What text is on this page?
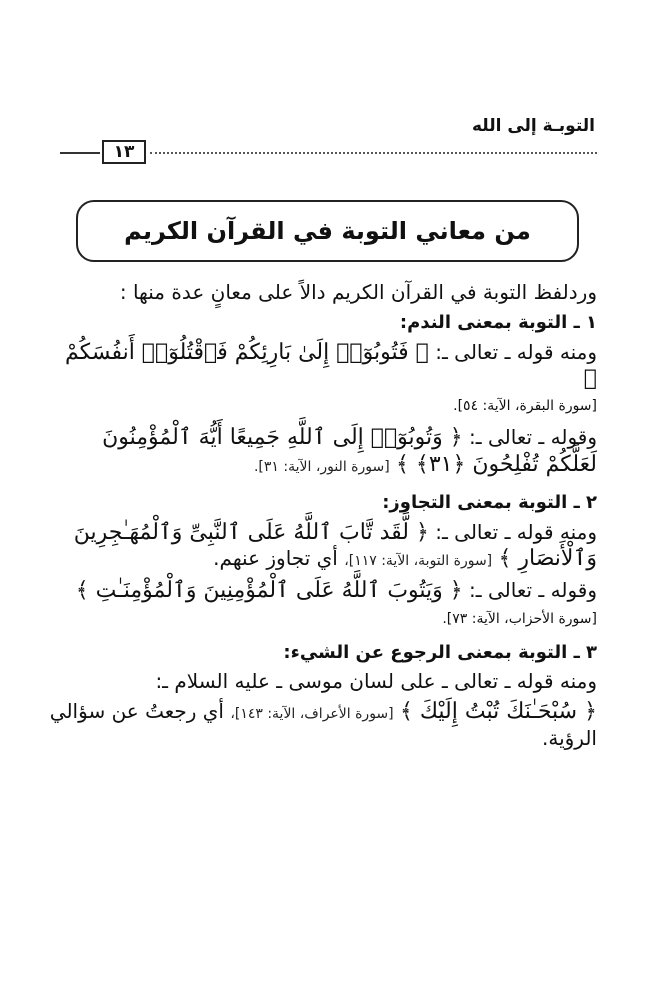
التوبـة إلى الله
١٣
من معاني التوبة في القرآن الكريم

وردلفظ التوبة في القرآن الكريم دالاً على معانٍ عدة منها :

١ ـ التوبة بمعنى الندم:

ومنه قوله ـ تعالى ـ: ﴿ فَتُوبُوٓا۟ إِلَىٰ بَارِئِكُمْ فَٱقْتُلُوٓا۟ أَنفُسَكُمْ ﴾

[سورة البقرة، الآية: ٥٤].

وقوله ـ تعالى ـ: ﴿ وَتُوبُوٓا۟ إِلَى ٱللَّهِ جَمِيعًا أَيُّهَ ٱلْمُؤْمِنُونَ لَعَلَّكُمْ تُفْلِحُونَ ﴿٣١﴾ ﴾ [سورة النور، الآية: ٣١].

٢ ـ التوبة بمعنى التجاوز:

ومنه قوله ـ تعالى ـ: ﴿ لَّقَد تَّابَ ٱللَّهُ عَلَى ٱلنَّبِىِّ وَٱلْمُهَـٰجِرِينَ وَٱلْأَنصَارِ ﴾ [سورة التوبة، الآية: ١١٧]، أي تجاوز عنهم.

وقوله ـ تعالى ـ: ﴿ وَيَتُوبَ ٱللَّهُ عَلَى ٱلْمُؤْمِنِينَ وَٱلْمُؤْمِنَـٰتِ ﴾

[سورة الأحزاب، الآية: ٧٣].
٣ ـ التوبة بمعنى الرجوع عن الشيء:

ومنه قوله ـ تعالى ـ على لسان موسى ـ عليه السلام ـ:

﴿ سُبْحَـٰنَكَ تُبْتُ إِلَيْكَ ﴾ [سورة الأعراف، الآية: ١٤٣]، أي رجعتُ عن سؤالي الرؤية.
